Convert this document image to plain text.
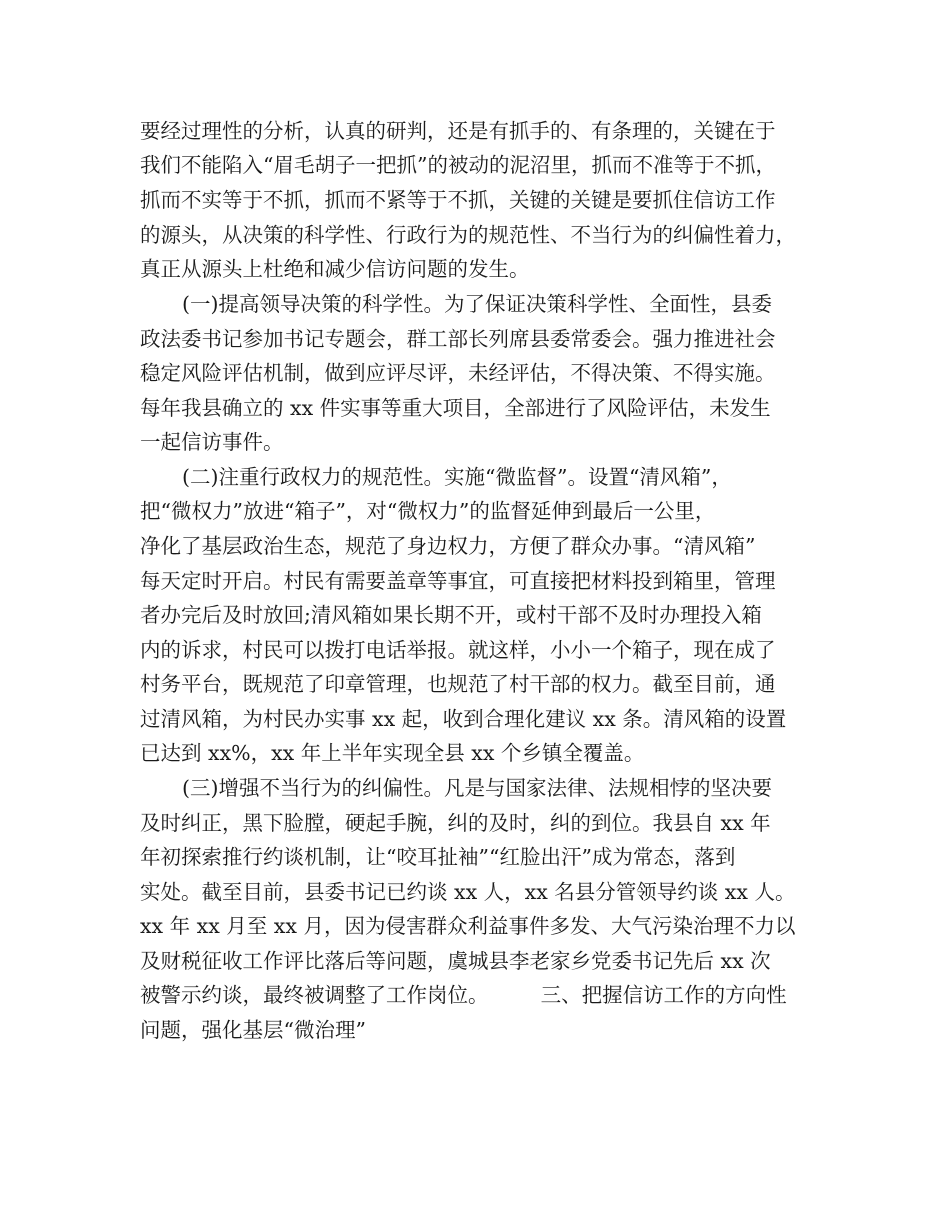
要经过理性的分析，认真的研判，还是有抓手的、有条理的，关键在于
我们不能陷入“眉毛胡子一把抓”的被动的泥沼里，抓而不准等于不抓，
抓而不实等于不抓，抓而不紧等于不抓，关键的关键是要抓住信访工作
的源头，从决策的科学性、行政行为的规范性、不当行为的纠偏性着力，
真正从源头上杜绝和减少信访问题的发生。
(一)提高领导决策的科学性。为了保证决策科学性、全面性，县委
政法委书记参加书记专题会，群工部长列席县委常委会。强力推进社会
稳定风险评估机制，做到应评尽评，未经评估，不得决策、不得实施。
每年我县确立的 xx 件实事等重大项目，全部进行了风险评估，未发生
一起信访事件。
(二)注重行政权力的规范性。实施“微监督”。设置“清风箱”，
把“微权力”放进“箱子”，对“微权力”的监督延伸到最后一公里，
净化了基层政治生态，规范了身边权力，方便了群众办事。“清风箱”
每天定时开启。村民有需要盖章等事宜，可直接把材料投到箱里，管理
者办完后及时放回;清风箱如果长期不开，或村干部不及时办理投入箱
内的诉求，村民可以拨打电话举报。就这样，小小一个箱子，现在成了
村务平台，既规范了印章管理，也规范了村干部的权力。截至目前，通
过清风箱，为村民办实事 xx 起，收到合理化建议 xx 条。清风箱的设置
已达到 xx%，xx 年上半年实现全县 xx 个乡镇全覆盖。
(三)增强不当行为的纠偏性。凡是与国家法律、法规相悖的坚决要
及时纠正，黑下脸膛，硬起手腕，纠的及时，纠的到位。我县自 xx 年
年初探索推行约谈机制，让“咬耳扯袖”“红脸出汗”成为常态，落到
实处。截至目前，县委书记已约谈 xx 人，xx 名县分管领导约谈 xx 人。
xx 年 xx 月至 xx 月，因为侵害群众利益事件多发、大气污染治理不力以
及财税征收工作评比落后等问题，虞城县李老家乡党委书记先后 xx 次
被警示约谈，最终被调整了工作岗位。        三、把握信访工作的方向性
问题，强化基层“微治理”
